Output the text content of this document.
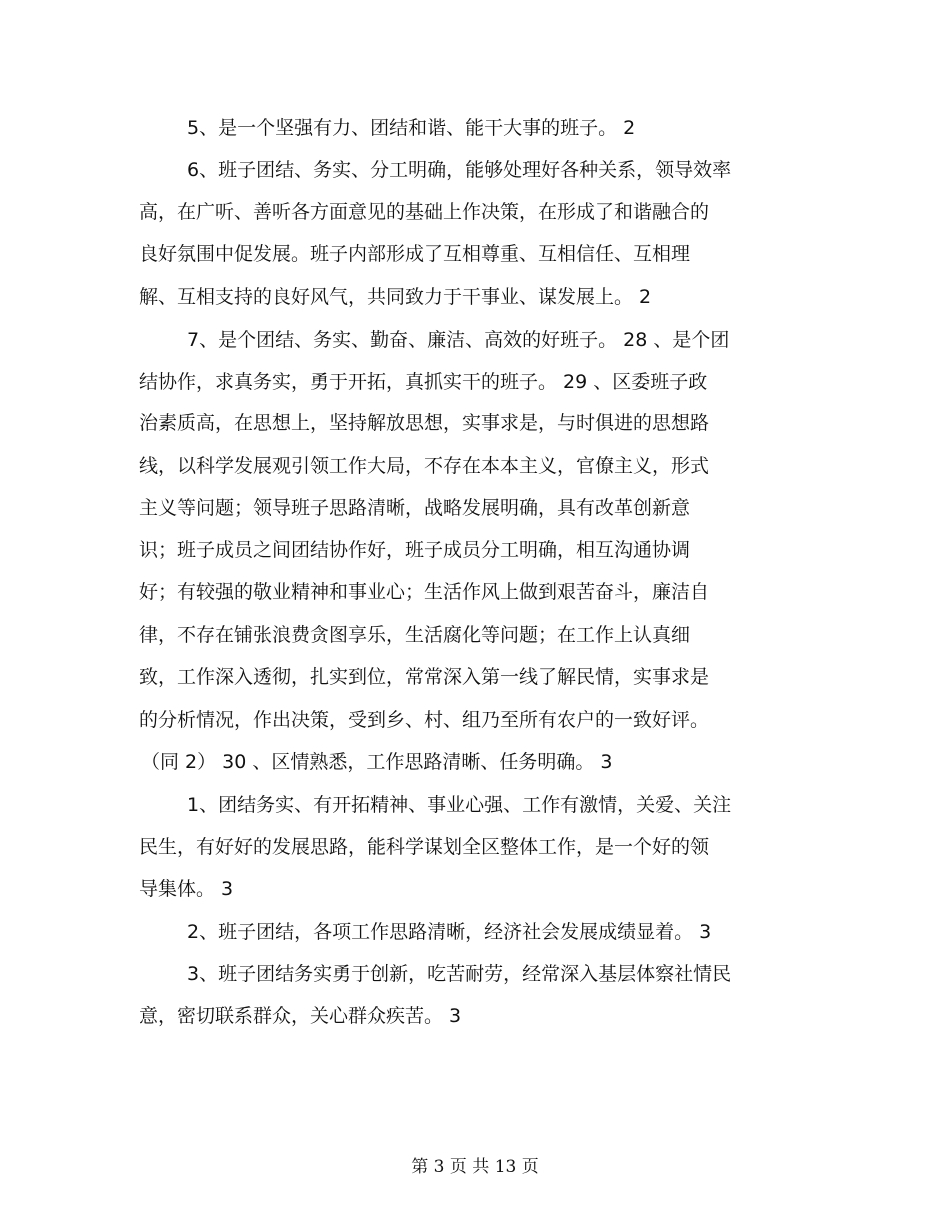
5、是一个坚强有力、团结和谐、能干大事的班子。 2
6、班子团结、务实、分工明确，能够处理好各种关系，领导效率
高，在广听、善听各方面意见的基础上作决策，在形成了和谐融合的
良好氛围中促发展。班子内部形成了互相尊重、互相信任、互相理
解、互相支持的良好风气，共同致力于干事业、谋发展上。 2
7、是个团结、务实、勤奋、廉洁、高效的好班子。 28 、是个团
结协作，求真务实，勇于开拓，真抓实干的班子。 29 、区委班子政
治素质高，在思想上，坚持解放思想，实事求是，与时俱进的思想路
线，以科学发展观引领工作大局，不存在本本主义，官僚主义，形式
主义等问题；领导班子思路清晰，战略发展明确，具有改革创新意
识；班子成员之间团结协作好，班子成员分工明确，相互沟通协调
好；有较强的敬业精神和事业心；生活作风上做到艰苦奋斗，廉洁自
律，不存在铺张浪费贪图享乐，生活腐化等问题；在工作上认真细
致，工作深入透彻，扎实到位，常常深入第一线了解民情，实事求是
的分析情况，作出决策，受到乡、村、组乃至所有农户的一致好评。
（同 2） 30 、区情熟悉，工作思路清晰、任务明确。 3
1、团结务实、有开拓精神、事业心强、工作有激情，关爱、关注
民生，有好好的发展思路，能科学谋划全区整体工作，是一个好的领
导集体。 3
2、班子团结，各项工作思路清晰，经济社会发展成绩显着。 3
3、班子团结务实勇于创新，吃苦耐劳，经常深入基层体察社情民
意，密切联系群众，关心群众疾苦。 3
第 3 页 共 13 页
